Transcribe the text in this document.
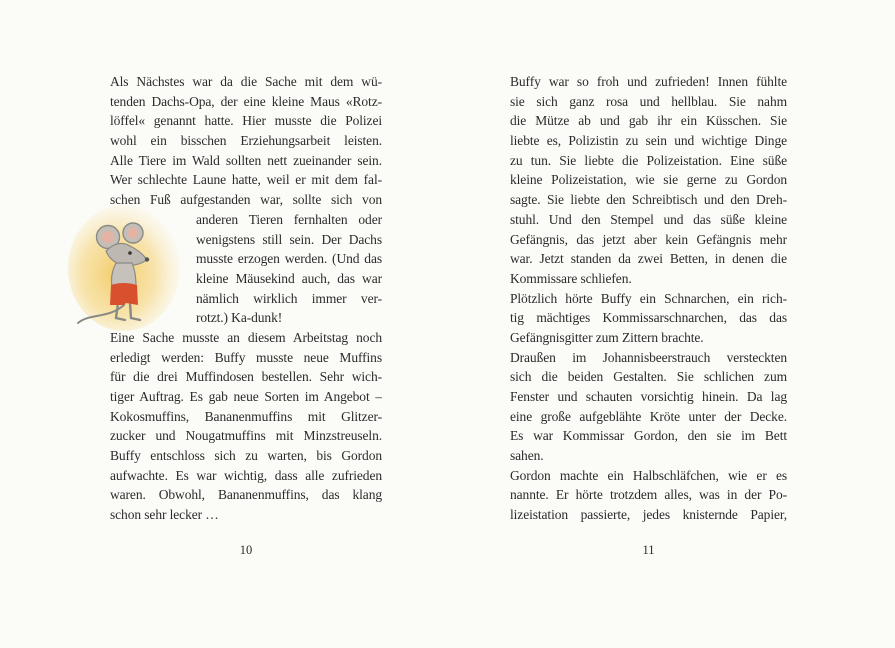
Als Nächstes war da die Sache mit dem wü-
tenden Dachs-Opa, der eine kleine Maus «Rotz-
löffel« genannt hatte. Hier musste die Polizei
wohl ein bisschen Erziehungsarbeit leisten.
Alle Tiere im Wald sollten nett zueinander sein.
Wer schlechte Laune hatte, weil er mit dem fal-
schen Fuß aufgestanden war, sollte sich von
anderen Tieren fernhalten oder
wenigstens still sein. Der Dachs
musste erzogen werden. (Und das
kleine Mäusekind auch, das war
nämlich wirklich immer ver-
rotzt.) Ka-dunk!
Eine Sache musste an diesem Arbeitstag noch
erledigt werden: Buffy musste neue Muffins
für die drei Muffindosen bestellen. Sehr wich-
tiger Auftrag. Es gab neue Sorten im Angebot –
Kokosmuffins, Bananenmuffins mit Glitzer-
zucker und Nougatmuffins mit Minzstreuseln.
Buffy entschloss sich zu warten, bis Gordon
aufwachte. Es war wichtig, dass alle zufrieden
waren. Obwohl, Bananenmuffins, das klang
schon sehr lecker …
Buffy war so froh und zufrieden! Innen fühlte
sie sich ganz rosa und hellblau. Sie nahm
die Mütze ab und gab ihr ein Küsschen. Sie
liebte es, Polizistin zu sein und wichtige Dinge
zu tun. Sie liebte die Polizeistation. Eine süße
kleine Polizeistation, wie sie gerne zu Gordon
sagte. Sie liebte den Schreibtisch und den Dreh-
stuhl. Und den Stempel und das süße kleine
Gefängnis, das jetzt aber kein Gefängnis mehr
war. Jetzt standen da zwei Betten, in denen die
Kommissare schliefen.
Plötzlich hörte Buffy ein Schnarchen, ein rich-
tig mächtiges Kommissarschnarchen, das das
Gefängnisgitter zum Zittern brachte.
Draußen im Johannisbeerstrauch versteckten
sich die beiden Gestalten. Sie schlichen zum
Fenster und schauten vorsichtig hinein. Da lag
eine große aufgeblähte Kröte unter der Decke.
Es war Kommissar Gordon, den sie im Bett
sahen.
Gordon machte ein Halbschläfchen, wie er es
nannte. Er hörte trotzdem alles, was in der Po-
lizeistation passierte, jedes knisternde Papier,
10	11
